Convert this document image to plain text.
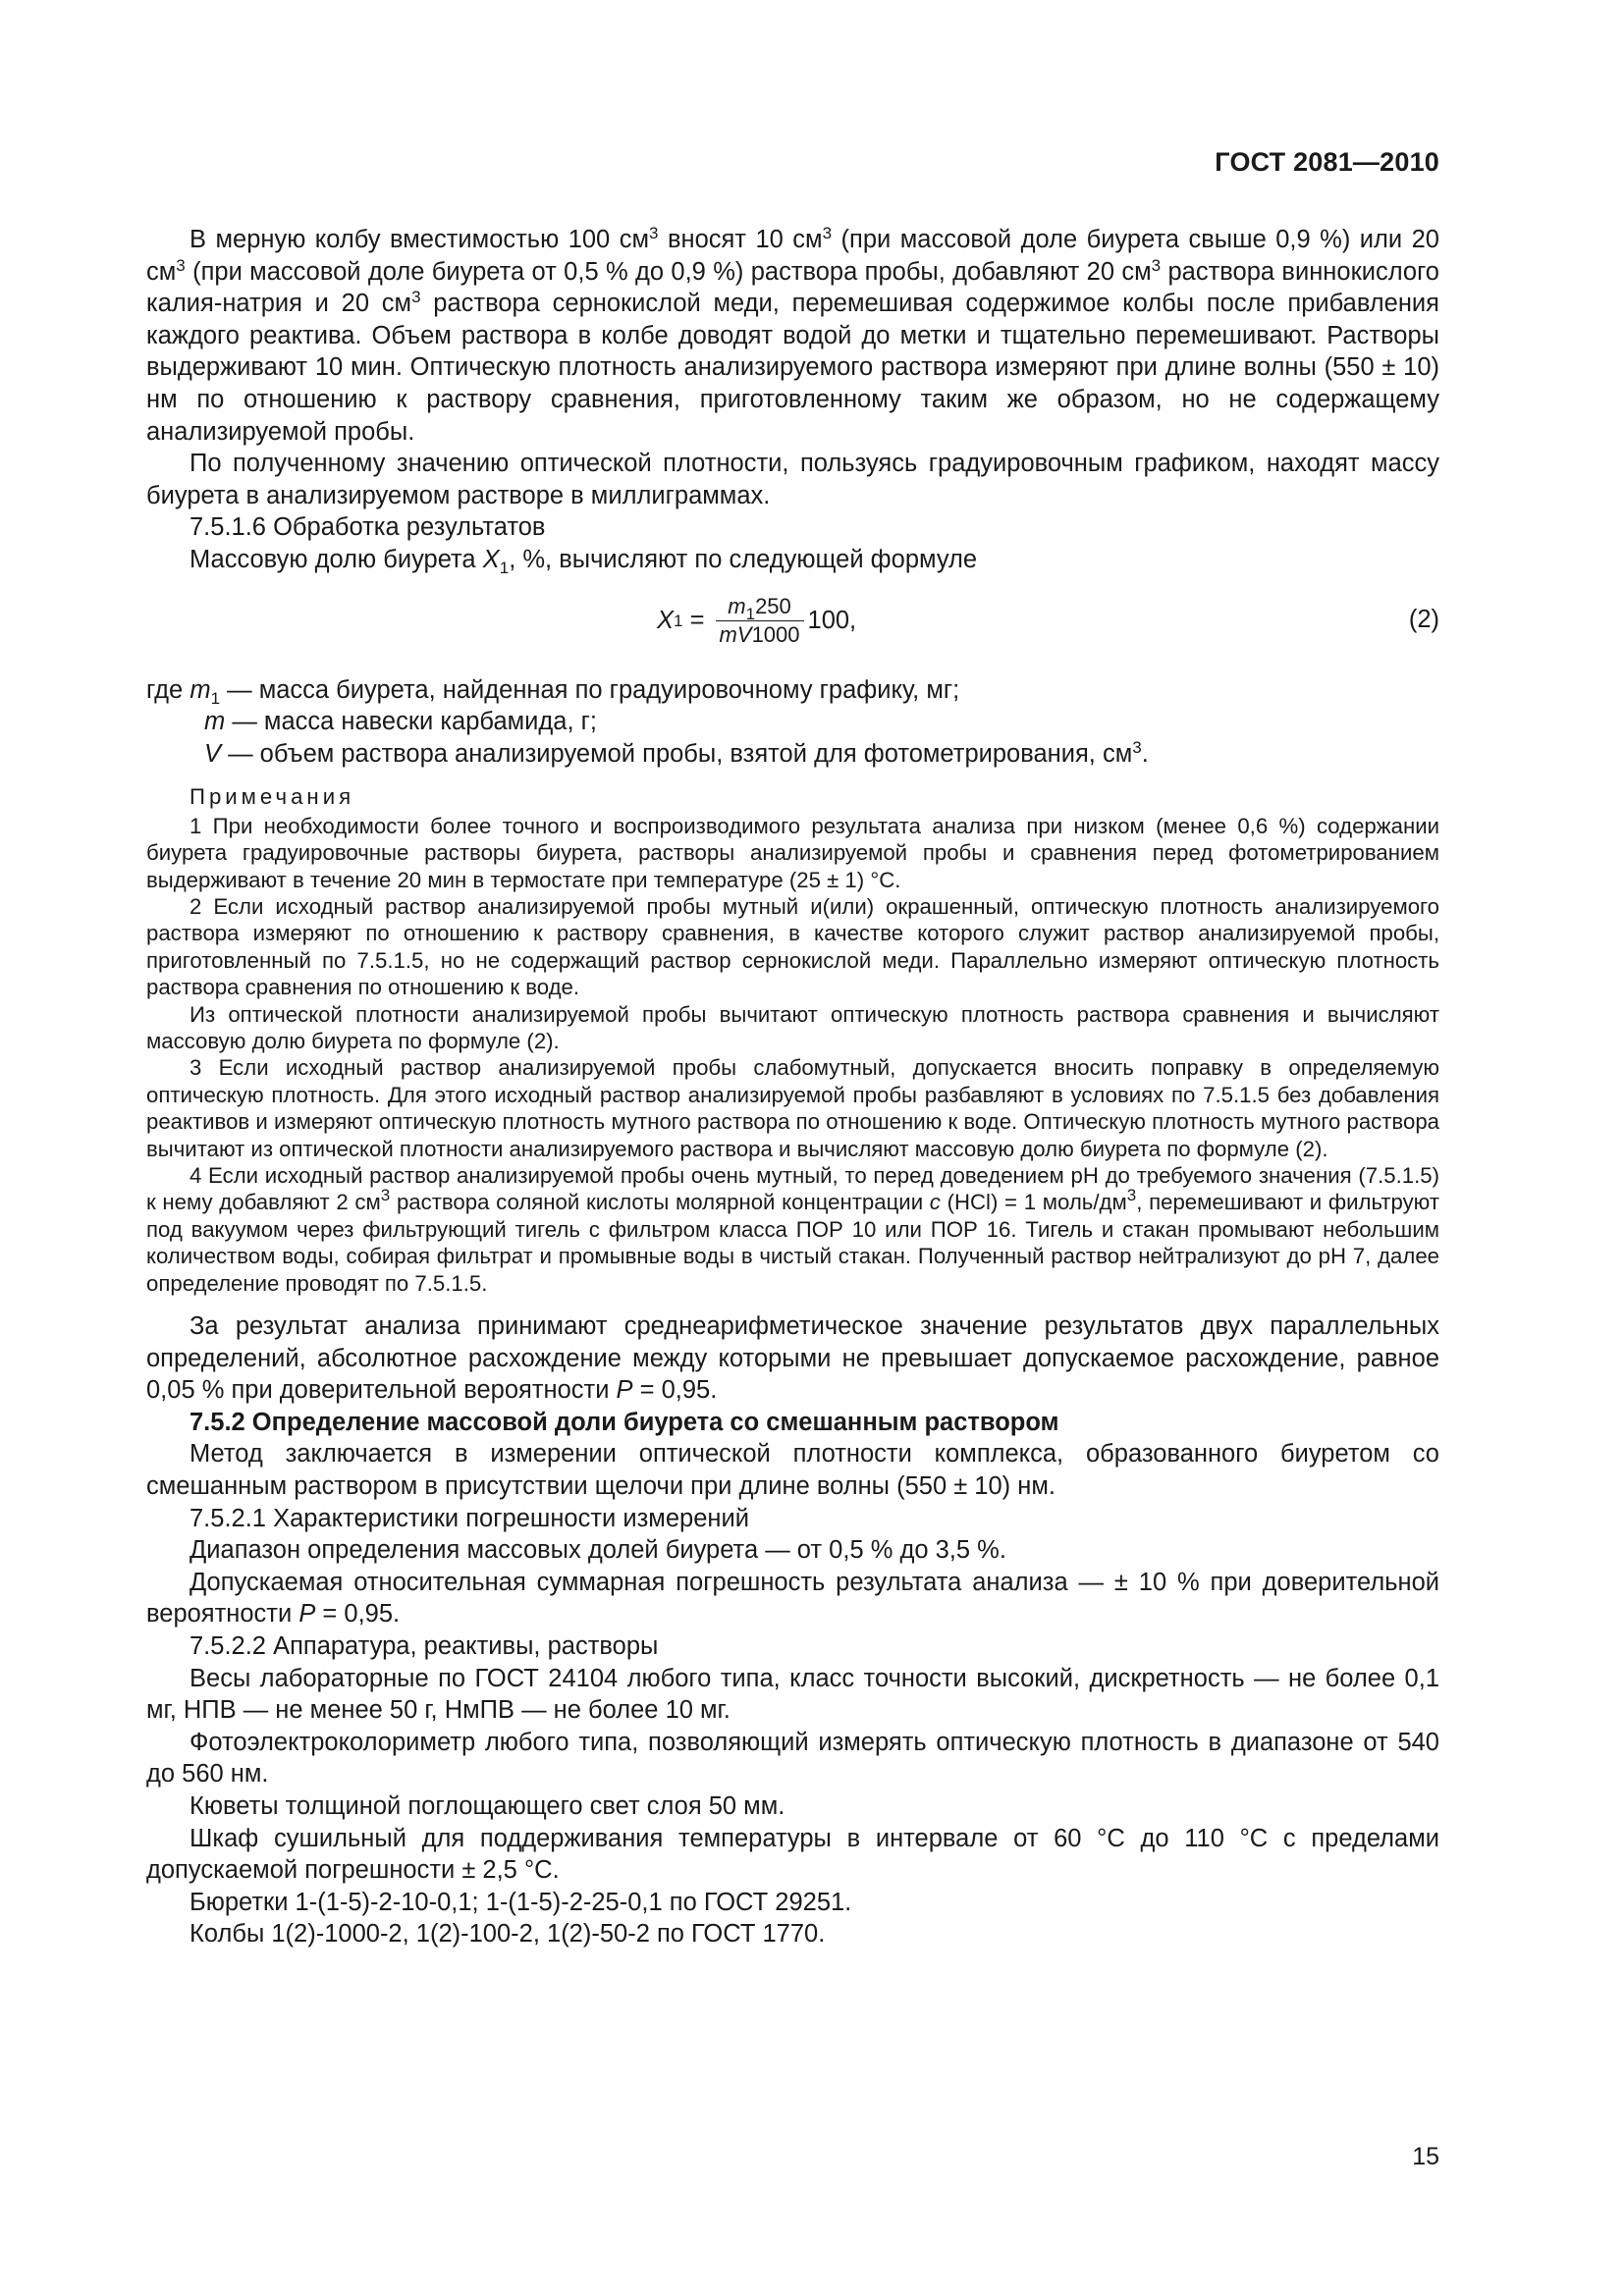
ГОСТ 2081—2010

В мерную колбу вместимостью 100 $см^3$ вносят 10 $см^3$ (при массовой доле биурета свыше 0,9 %) или 20 $см^3$ (при массовой доле биурета от 0,5 % до 0,9 %) раствора пробы, добавляют 20 $см^3$ раствора виннокислого калия-натрия и 20 $см^3$ раствора сернокислой меди, перемешивая содержимое колбы после прибавления каждого реактива. Объем раствора в колбе доводят водой до метки и тщательно перемешивают. Растворы выдерживают 10 мин. Оптическую плотность анализируемого раствора измеряют при длине волны (550 ± 10) нм по отношению к раствору сравнения, приготовленному таким же образом, но не содержащему анализируемой пробы.

По полученному значению оптической плотности, пользуясь градуировочным графиком, находят массу биурета в анализируемом растворе в миллиграммах.

7.5.1.6 Обработка результатов

Массовую долю биурета $X_1$, %, вычисляют по следующей формуле

X $1 = \frac{m_1250}{mV1000} 100$,	(2)

где $m_1$ — масса биурета, найденная по градуировочному графику, мг;

m — масса навески карбамида, г;

V — объем раствора анализируемой пробы, взятой для фотометрирования, $см^3$.

Примечания

1 При необходимости более точного и воспроизводимого результата анализа при низком (менее 0,6 %) содержании биурета градуировочные растворы биурета, растворы анализируемой пробы и сравнения перед фотометрированием выдерживают в течение 20 мин в термостате при температуре (25 ± 1) °С.

2 Если исходный раствор анализируемой пробы мутный и(или) окрашенный, оптическую плотность анализируемого раствора измеряют по отношению к раствору сравнения, в качестве которого служит раствор анализируемой пробы, приготовленный по 7.5.1.5, но не содержащий раствор сернокислой меди. Параллельно измеряют оптическую плотность раствора сравнения по отношению к воде.

Из оптической плотности анализируемой пробы вычитают оптическую плотность раствора сравнения и вычисляют массовую долю биурета по формуле (2).

3 Если исходный раствор анализируемой пробы слабомутный, допускается вносить поправку в определяемую оптическую плотность. Для этого исходный раствор анализируемой пробы разбавляют в условиях по 7.5.1.5 без добавления реактивов и измеряют оптическую плотность мутного раствора по отношению к воде. Оптическую плотность мутного раствора вычитают из оптической плотности анализируемого раствора и вычисляют массовую долю биурета по формуле (2).

4 Если исходный раствор анализируемой пробы очень мутный, то перед доведением рН до требуемого значения (7.5.1.5) к нему добавляют 2 $см^3$ раствора соляной кислоты молярной концентрации c (HCl) = 1 моль/$дм^3$, перемешивают и фильтруют под вакуумом через фильтрующий тигель с фильтром класса ПОР 10 или ПОР 16. Тигель и стакан промывают небольшим количеством воды, собирая фильтрат и промывные воды в чистый стакан. Полученный раствор нейтрализуют до рН 7, далее определение проводят по 7.5.1.5.

За результат анализа принимают среднеарифметическое значение результатов двух параллельных определений, абсолютное расхождение между которыми не превышает допускаемое расхождение, равное 0,05 % при доверительной вероятности Р = 0,95.

7.5.2 Определение массовой доли биурета со смешанным раствором

Метод заключается в измерении оптической плотности комплекса, образованного биуретом со смешанным раствором в присутствии щелочи при длине волны (550 ± 10) нм.

7.5.2.1 Характеристики погрешности измерений

Диапазон определения массовых долей биурета — от 0,5 % до 3,5 %.

Допускаемая относительная суммарная погрешность результата анализа — ± 10 % при доверительной вероятности Р = 0,95.

7.5.2.2 Аппаратура, реактивы, растворы

Весы лабораторные по ГОСТ 24104 любого типа, класс точности высокий, дискретность — не более 0,1 мг, НПВ — не менее 50 г, НмПВ — не более 10 мг.

Фотоэлектроколориметр любого типа, позволяющий измерять оптическую плотность в диапазоне от 540 до 560 нм.

Кюветы толщиной поглощающего свет слоя 50 мм.

Шкаф сушильный для поддерживания температуры в интервале от 60 °С до 110 °С с пределами допускаемой погрешности ± 2,5 °С.

Бюретки 1-(1-5)-2-10-0,1; 1-(1-5)-2-25-0,1 по ГОСТ 29251.

Колбы 1(2)-1000-2, 1(2)-100-2, 1(2)-50-2 по ГОСТ 1770.

15
